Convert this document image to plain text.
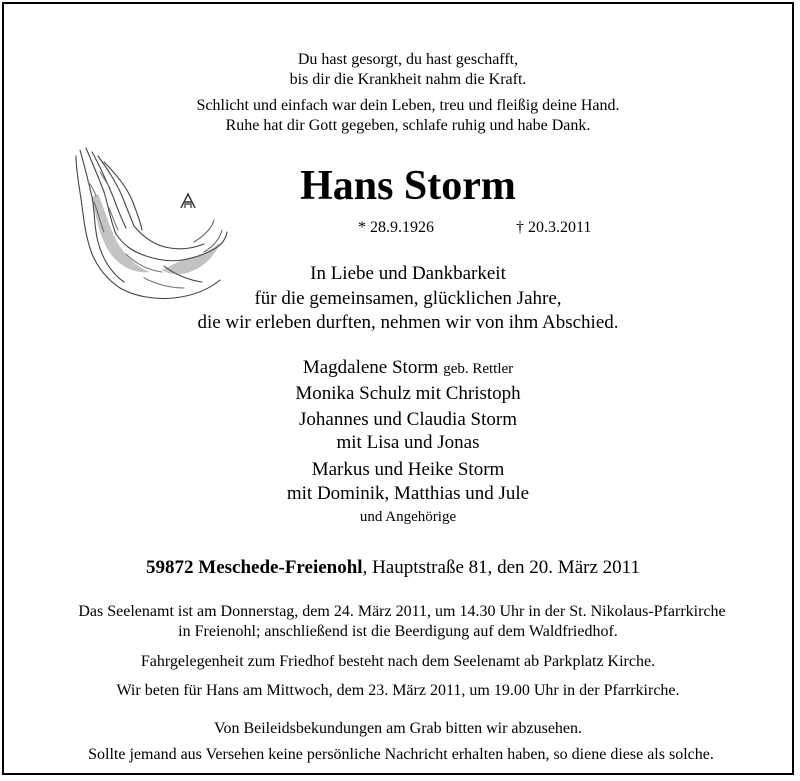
Du hast gesorgt, du hast geschafft,
bis dir die Krankheit nahm die Kraft.
Schlicht und einfach war dein Leben, treu und fleißig deine Hand.
Ruhe hat dir Gott gegeben, schlafe ruhig und habe Dank.
Hans Storm
* 28.9.1926	† 20.3.2011
In Liebe und Dankbarkeit
für die gemeinsamen, glücklichen Jahre,
die wir erleben durften, nehmen wir von ihm Abschied.
Magdalene Storm geb. Rettler
Monika Schulz mit Christoph
Johannes und Claudia Storm
mit Lisa und Jonas
Markus und Heike Storm
mit Dominik, Matthias und Jule
und Angehörige
59872 Meschede-Freienohl, Hauptstraße 81, den 20. März 2011
Das Seelenamt ist am Donnerstag, dem 24. März 2011, um 14.30 Uhr in der St. Nikolaus-Pfarrkirche
in Freienohl; anschließend ist die Beerdigung auf dem Waldfriedhof.
Fahrgelegenheit zum Friedhof besteht nach dem Seelenamt ab Parkplatz Kirche.
Wir beten für Hans am Mittwoch, dem 23. März 2011, um 19.00 Uhr in der Pfarrkirche.
Von Beileidsbekundungen am Grab bitten wir abzusehen.
Sollte jemand aus Versehen keine persönliche Nachricht erhalten haben, so diene diese als solche.
